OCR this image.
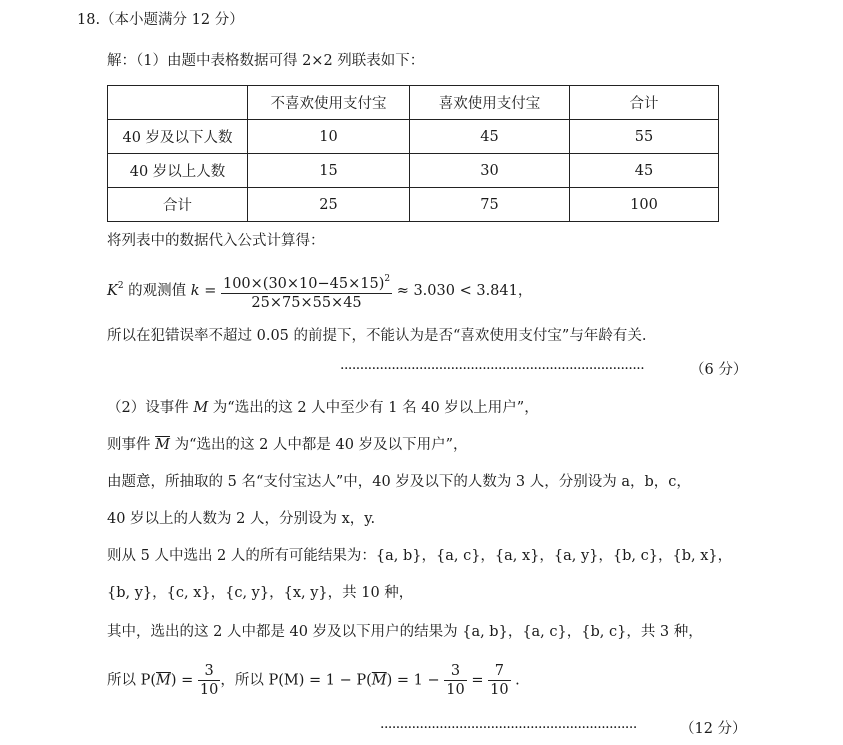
18.（本小题满分 12 分）
解：（1）由题中表格数据可得 2×2 列联表如下：
	不喜欢使用支付宝	喜欢使用支付宝	合计
40 岁及以下人数	10	45	55
40 岁以上人数	15	30	45
合计	25	75	100
将列表中的数据代入公式计算得：
$K^2$ 的观测值 $k = \frac{100\times(30\times 10-45\times 15)^2}{25\times 75\times 55\times 45} \approx 3.030 < 3.841$，
所以在犯错误率不超过 0.05 的前提下，不能认为是否“喜欢使用支付宝”与年龄有关.
·············································································	（6 分）
（2）设事件 M 为“选出的这 2 人中至少有 1 名 40 岁以上用户”，
则事件 $\overline{M}$ 为“选出的这 2 人中都是 40 岁及以下用户”，
由题意，所抽取的 5 名“支付宝达人”中，40 岁及以下的人数为 3 人，分别设为 a，b，c，
40 岁以上的人数为 2 人，分别设为 x，y.
则从 5 人中选出 2 人的所有可能结果为：{a, b}，{a, c}，{a, x}，{a, y}，{b, c}，{b, x}，
{b, y}，{c, x}，{c, y}，{x, y}，共 10 种，
其中，选出的这 2 人中都是 40 岁及以下用户的结果为 {a, b}，{a, c}，{b, c}，共 3 种，
所以 $P(\overline{M}) = \frac{3}{10}$ ，所以 $P(M) = 1 - P(\overline{M}) = 1 - \frac{3}{10} = \frac{7}{10}$ .
·································································	（12 分）
